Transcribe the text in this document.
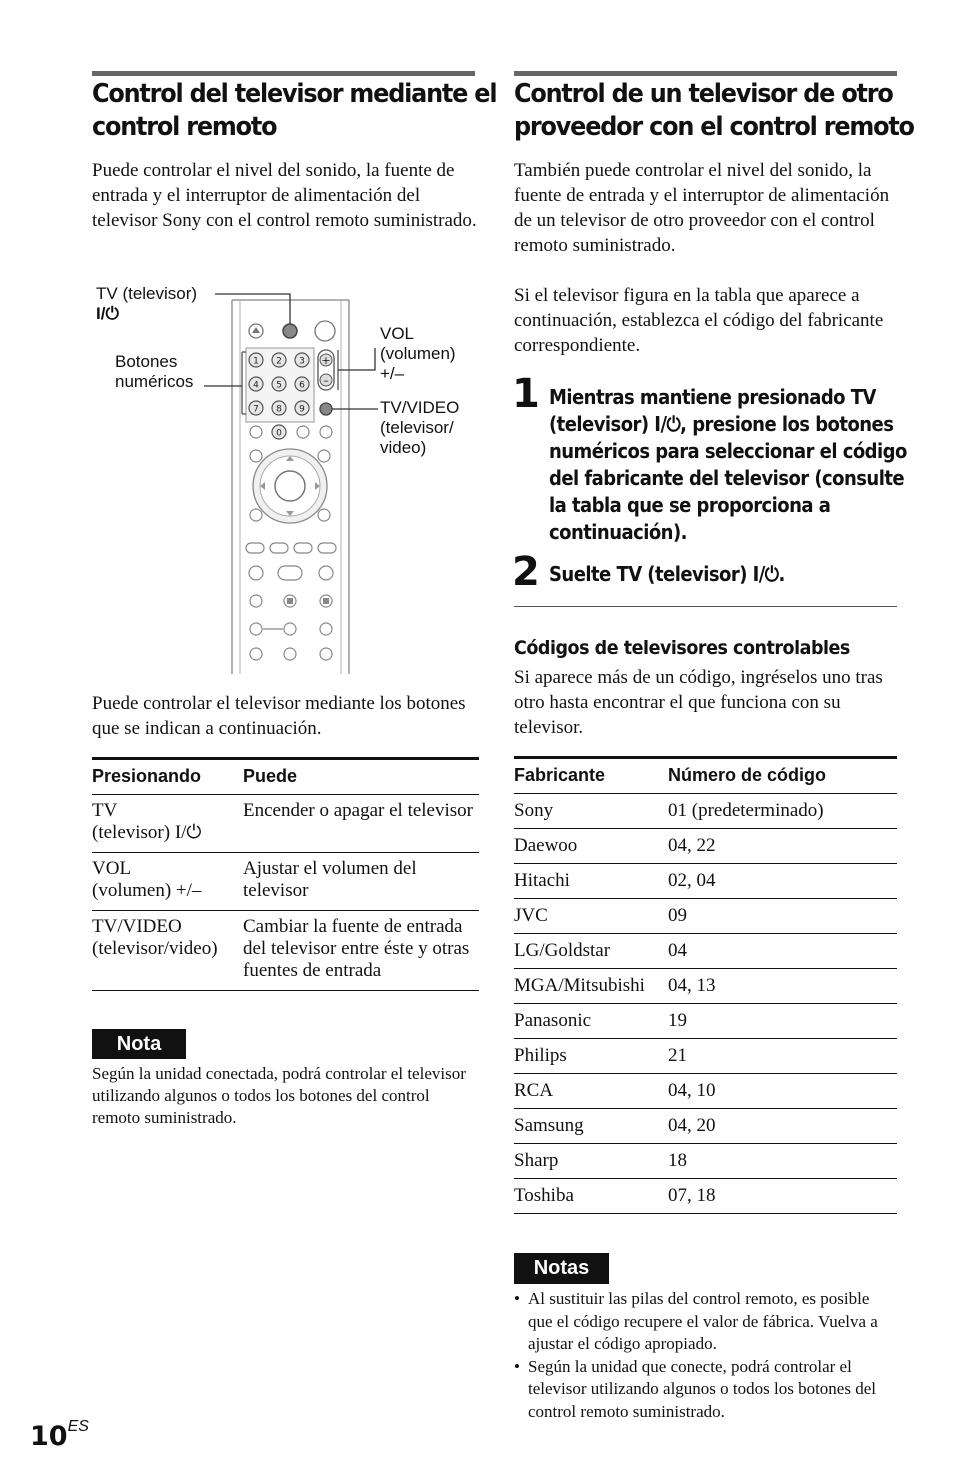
Control del televisor mediante el
control remoto

Puede controlar el nivel del sonido, la fuente de entrada y el interruptor de alimentación del televisor Sony con el control remoto suministrado.

1 2 3
4 5 6
7 8 9
0
+
–
TV (televisor)
I/⏻
Botones
numéricos
VOL
(volumen)
+/–
TV/VIDEO
(televisor/
video)

Puede controlar el televisor mediante los botones que se indican a continuación.

Presionando	Puede
TV
(televisor) I/⏻	Encender o apagar el televisor
VOL
(volumen) +/–	Ajustar el volumen del televisor
TV/VIDEO
(televisor/video)	Cambiar la fuente de entrada del televisor entre éste y otras fuentes de entrada
Nota

Según la unidad conectada, podrá controlar el televisor utilizando algunos o todos los botones del control remoto suministrado.

Control de un televisor de otro
proveedor con el control remoto

También puede controlar el nivel del sonido, la fuente de entrada y el interruptor de alimentación de un televisor de otro proveedor con el control remoto suministrado.

Si el televisor figura en la tabla que aparece a continuación, establezca el código del fabricante correspondiente.

1 Mientras mantiene presionado TV
(televisor) I/⏻, presione los botones
numéricos para seleccionar el código
del fabricante del televisor (consulte
la tabla que se proporciona a
continuación).

2 Suelte TV (televisor) I/⏻.

Códigos de televisores controlables

Si aparece más de un código, ingréselos uno tras otro hasta encontrar el que funciona con su televisor.

Fabricante	Número de código
Sony	01 (predeterminado)
Daewoo	04, 22
Hitachi	02, 04
JVC	09
LG/Goldstar	04
MGA/Mitsubishi	04, 13
Panasonic	19
Philips	21
RCA	04, 10
Samsung	04, 20
Sharp	18
Toshiba	07, 18
Notas
• Al sustituir las pilas del control remoto, es posible que el código recupere el valor de fábrica. Vuelva a ajustar el código apropiado.
• Según la unidad que conecte, podrá controlar el televisor utilizando algunos o todos los botones del control remoto suministrado.
$10^{ES}$
